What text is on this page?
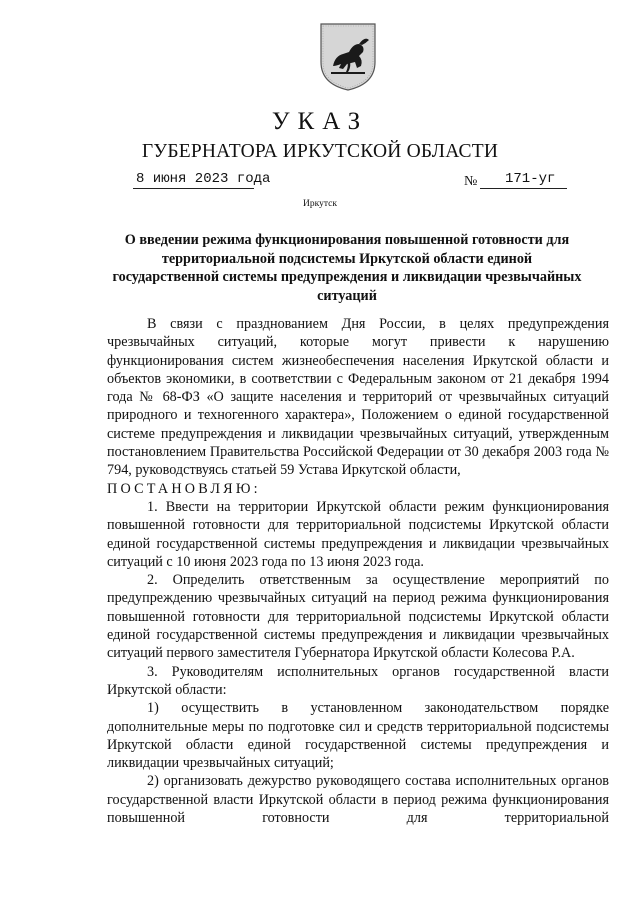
УКАЗ
ГУБЕРНАТОРА ИРКУТСКОЙ ОБЛАСТИ
8 июня 2023 года	№ 171-уг
Иркутск
О введении режима функционирования повышенной готовности для территориальной подсистемы Иркутской области единой государственной системы предупреждения и ликвидации чрезвычайных ситуаций

В связи с празднованием Дня России, в целях предупреждения чрезвычайных ситуаций, которые могут привести к нарушению функционирования систем жизнеобеспечения населения Иркутской области и объектов экономики, в соответствии с Федеральным законом от 21 декабря 1994 года № 68-ФЗ «О защите населения и территорий от чрезвычайных ситуаций природного и техногенного характера», Положением о единой государственной системе предупреждения и ликвидации чрезвычайных ситуаций, утвержденным постановлением Правительства Российской Федерации от 30 декабря 2003 года № 794, руководствуясь статьей 59 Устава Иркутской области,

ПОСТАНОВЛЯЮ:

1. Ввести на территории Иркутской области режим функционирования повышенной готовности для территориальной подсистемы Иркутской области единой государственной системы предупреждения и ликвидации чрезвычайных ситуаций с 10 июня 2023 года по 13 июня 2023 года.

2. Определить ответственным за осуществление мероприятий по предупреждению чрезвычайных ситуаций на период режима функционирования повышенной готовности для территориальной подсистемы Иркутской области единой государственной системы предупреждения и ликвидации чрезвычайных ситуаций первого заместителя Губернатора Иркутской области Колесова Р.А.

3. Руководителям исполнительных органов государственной власти Иркутской области:

1) осуществить в установленном законодательством порядке дополнительные меры по подготовке сил и средств территориальной подсистемы Иркутской области единой государственной системы предупреждения и ликвидации чрезвычайных ситуаций;

2) организовать дежурство руководящего состава исполнительных органов государственной власти Иркутской области в период режима функционирования повышенной готовности для территориальной
